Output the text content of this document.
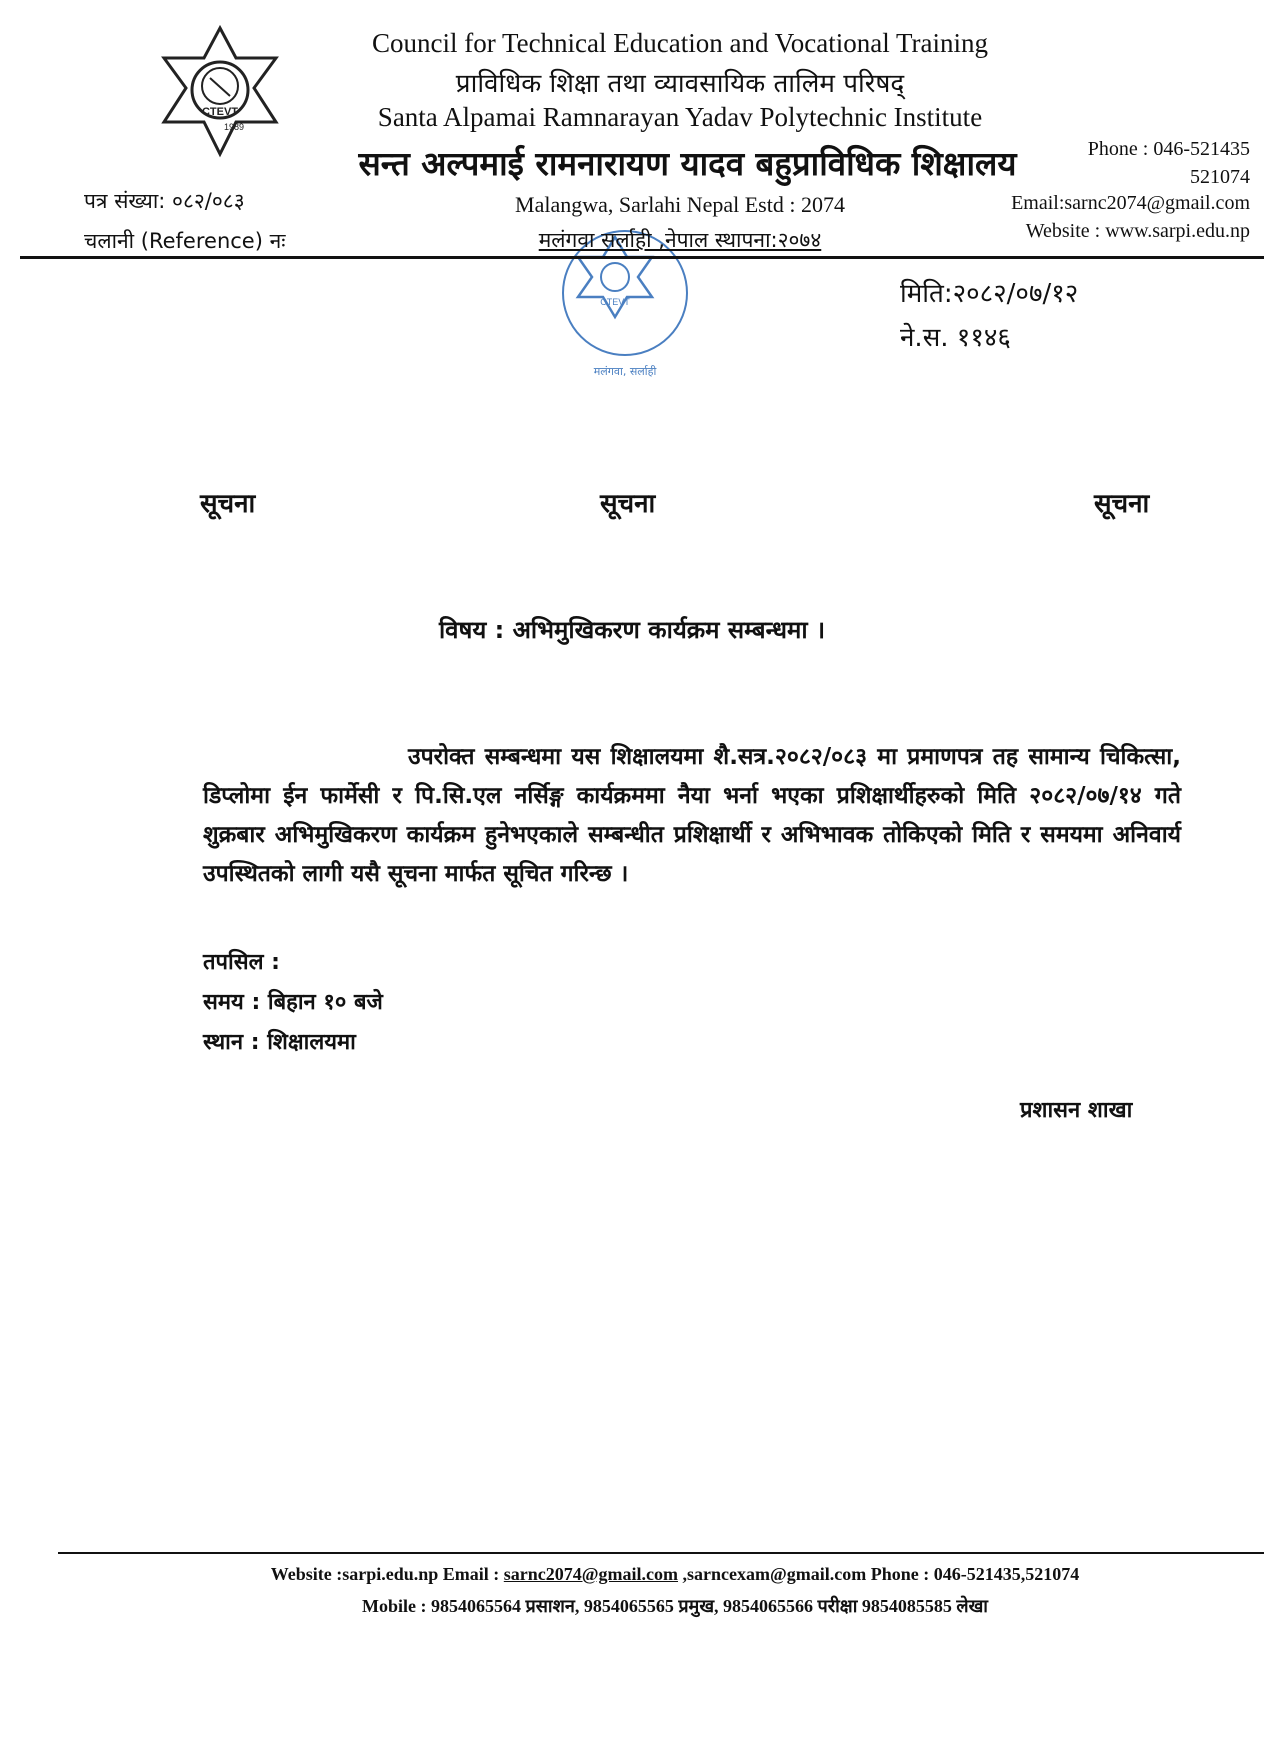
CTEVT
1989
CTEVT
मलंगवा, सर्लाही
Council for Technical Education and Vocational Training
प्राविधिक शिक्षा तथा व्यावसायिक तालिम परिषद्
Santa Alpamai Ramnarayan Yadav Polytechnic Institute
सन्त अल्पमाई रामनारायण यादव बहुप्राविधिक शिक्षालय
Malangwa, Sarlahi Nepal Estd : 2074
मलंगवा सर्लाही ,नेपाल स्थापना:२०७४
Phone : 046-521435
521074
Email:sarnc2074@gmail.com
Website : www.sarpi.edu.np
पत्र संख्या: ०८२/०८३
चलानी (Reference) नः
मिति:२०८२/०७/१२
ने.स. ११४६
सूचना	सूचना	सूचना
विषय : अभिमुखिकरण कार्यक्रम सम्बन्धमा ।
उपरोक्त सम्बन्धमा यस शिक्षालयमा शै.सत्र.२०८२/०८३ मा प्रमाणपत्र तह सामान्य चिकित्सा, डिप्लोमा ईन फार्मेसी र पि.सि.एल नर्सिङ्ग कार्यक्रममा नैया भर्ना भएका प्रशिक्षार्थीहरुको मिति २०८२/०७/१४ गते शुक्रबार अभिमुखिकरण कार्यक्रम हुनेभएकाले सम्बन्धीत प्रशिक्षार्थी र अभिभावक तोकिएको मिति र समयमा अनिवार्य उपस्थितको लागी यसै सूचना मार्फत सूचित गरिन्छ ।
तपसिल :
समय : बिहान १० बजे
स्थान : शिक्षालयमा
प्रशासन शाखा
Website :sarpi.edu.np Email : sarnc2074@gmail.com ,sarncexam@gmail.com Phone : 046-521435,521074
Mobile : 9854065564 प्रसाशन, 9854065565 प्रमुख, 9854065566 परीक्षा 9854085585 लेखा
